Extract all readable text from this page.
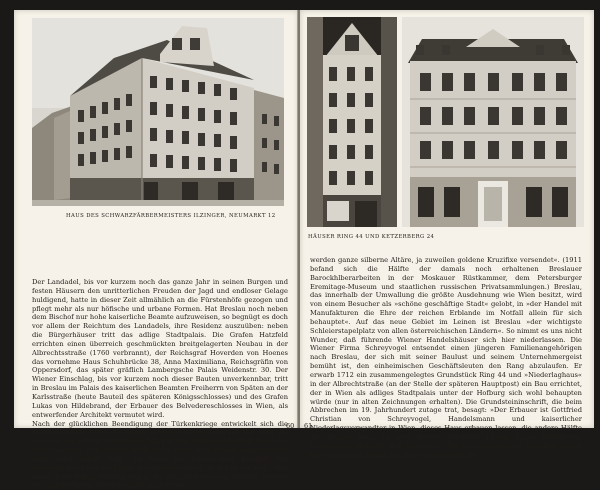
HAUS DES SCHWARZFÄRBERMEISTERS ILZINGER, NEUMARKT 12

Der Landadel, bis vor kurzem noch das ganze Jahr in seinen Burgen und festen Häusern den unritterlichen Freuden der Jagd und endloser Gelage huldigend, hatte in dieser Zeit allmählich an die Fürstenhöfe gezogen und pflegt mehr als nur höfische und urbane Formen. Hat Breslau noch neben dem Bischof nur hohe kaiserliche Beamte aufzuweisen, so begnügt es doch vor allem der Reichtum des Landadels, ihre Residenz auszuüben: neben die Bürgerhäuser tritt das adlige Stadtpalais. Die Grafen Hatzfeld errichten einen überreich geschmückten breitgelagerten Neubau in der Albrechtsstraße (1760 verbrannt), der Reichsgraf Hoverden von Hoenes das vornehme Haus Schuhbrücke 38, Anna Maximiliana, Reichsgräfin von Oppersdorf, das später gräflich Lambergsche Palais Weidenstr. 30. Der Wiener Einschlag, bis vor kurzem noch dieser Bauten unverkennbar, tritt in Breslau im Palais des kaiserlichen Beamten Freiherrn von Späten an der Karlsstraße (heute Bauteil des späteren Königsschlosses) und des Grafen Lukas von Hildebrand, der Erbauer des Belvedereschlosses in Wien, als entwerfender Architekt vermutet wird.

Nach der glücklichen Beendigung der Türkenkriege entwickelt sich die habsburgischen Lande zu einem großen Wirtschaftskörper, der über die Grenzen der mitteleuropäischen Märkte tritt. Dient dann auch Breslauer Handelsleuten. Daß die alte Verbindung zum Osten wieder aufgenommen wird, dafür liefert Stolz, von Polen ein interessantes Beispiel: Wir brauchen nicht nur die Lange der Silberschmiede, in der er bei sich: »Wir haben nach Polen, Moskau und in die Armenier unseren größten Verkehr mit angefertigtem Silbergeschirr, nach Polen

60
HÄUSER RING 44 UND KETZERBERG 24

werden ganze silberne Altäre, ja zuweilen goldene Kruzifixe versendet«. (1911 befand sich die Hälfte der damals noch erhaltenen Breslauer Barockhlberarbeiten in der Moskauer Rüstkammer, dem Petersburger Eremitage-Museum und staatlichen russischen Privatsammlungen.) Breslau, das innerhalb der Umwallung die größte Ausdehnung wie Wien besitzt, wird von einem Besucher als »schöne geschäftige Stadt« gelobt, in »der Handel mit Manufakturen die Ehre der reichen Erblande im Notfall allein für sich behauptet«. Auf das neue Gebiet im Leinen ist Breslau »der wichtigste Schleierstapelplatz von allen österreichischen Ländern«. So nimmt es uns nicht Wunder, daß führende Wiener Handelshäuser sich hier niederlassen. Die Wiener Firma Schreyvogel entsendet einen jüngeren Familienangehörigen nach Breslau, der sich mit seiner Baulust und seinem Unternehmergeist bemüht ist, den einheimischen Geschäftsleuten den Rang abzulaufen. Er erwarb 1712 ein zusammengelegtes Grundstück Ring 44 und »Niederlaghaus« in der Albrechtstraße (an der Stelle der späteren Hauptpost) ein Bau errichtet, der in Wien als adliges Stadtpalais unter der Hofburg sich wohl behaupten würde (nur in alten Zeichnungen erhalten). Die Grundsteininschrift, die beim Abbrechen im 19. Jahrhundert zutage trat, besagt: »Der Erbauer ist Gottfried Christian von Schreyvogel, Handelsmann und kaiserlicher Niederlagsverwandter in Wien, dieses Haus erbauen lassen, die andere Hälfte des Hauses aber hat sein Bruder gleichfalls Johann Lucas Hildebrand, Kaiserlicher Majestät Hof Ingenieur«. Im architektonischen Schaffen setzen von Hildebrand nimmt das Haus Schreyvogel als

61
